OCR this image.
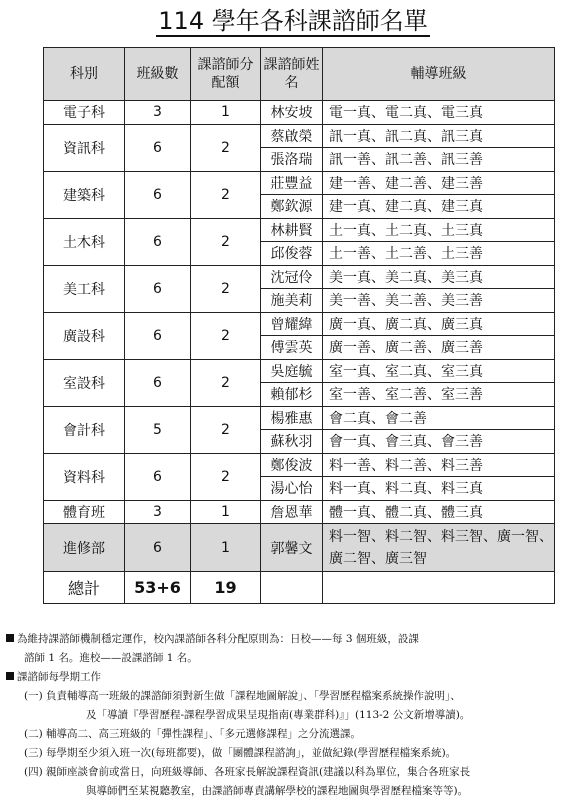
114 學年各科課諮師名單
科別	班級數	課諮師分配額	課諮師姓名	輔導班級
電子科	3	1	林安坡	電一真、電二真、電三真
資訊科	6	2	蔡啟榮	訊一真、訊二真、訊三真
			張洛瑞	訊一善、訊二善、訊三善
建築科	6	2	莊豐益	建一善、建二善、建三善
			鄭欽源	建一真、建二真、建三真
土木科	6	2	林耕賢	土一真、土二真、土三真
			邱俊蓉	土一善、土二善、土三善
美工科	6	2	沈冠伶	美一真、美二真、美三真
			施美莉	美一善、美二善、美三善
廣設科	6	2	曾耀緯	廣一真、廣二真、廣三真
			傅雲英	廣一善、廣二善、廣三善
室設科	6	2	吳庭毓	室一真、室二真、室三真
			賴郁杉	室一善、室二善、室三善
會計科	5	2	楊雅惠	會二真、會二善
			蘇秋羽	會一真、會三真、會三善
資料科	6	2	鄭俊波	料一善、料二善、料三善
			湯心怡	料一真、料二真、料三真
體育班	3	1	詹恩華	體一真、體二真、體三真
進修部	6	1	郭馨文	料一智、料二智、料三智、廣一智、廣二智、廣三智
總計	53+6	19		
為維持課諮師機制穩定運作，校內課諮師各科分配原則為：日校——每 3 個班級，設課
諮師 1 名。進校——設課諮師 1 名。
課諮師每學期工作
(一) 負責輔導高一班級的課諮師須對新生做「課程地圖解說」、「學習歷程檔案系統操作說明」、
及「導讀『學習歷程-課程學習成果呈現指南(專業群科)』」(113-2 公文新增導讀)。
(二) 輔導高二、高三班級的「彈性課程」、「多元選修課程」之分流選課。
(三) 每學期至少須入班一次(每班都要)，做「團體課程諮詢」，並做紀錄(學習歷程檔案系統)。
(四) 親師座談會前或當日，向班級導師、各班家長解說課程資訊(建議以科為單位，集合各班家長
與導師們至某視聽教室，由課諮師專責講解學校的課程地圖與學習歷程檔案等等)。
